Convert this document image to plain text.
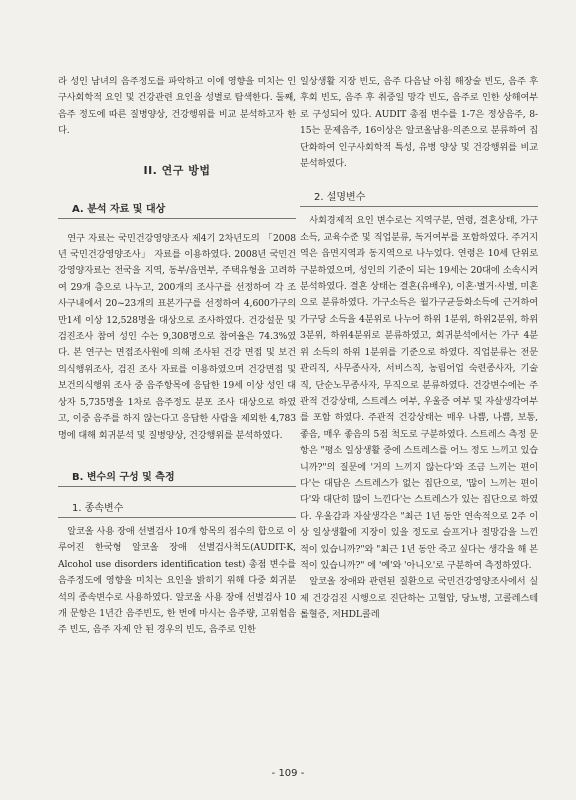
라 성인 남녀의 음주정도를 파악하고 이에 영향을 미치는 인구사회학적 요인 및 건강관련 요인을 성별로 탐색한다. 둘째, 음주 정도에 따른 질병양상, 건강행위를 비교 분석하고자 한다.

II. 연구 방법
A. 분석 자료 및 대상

연구 자료는 국민건강영양조사 제4기 2차년도의 「2008년 국민건강영양조사」 자료를 이용하였다. 2008년 국민건강영양자료는 전국을 지역, 동부/읍면부, 주택유형을 고려하여 29개 층으로 나누고, 200개의 조사구를 선정하여 각 조사구내에서 20~23개의 표본가구를 선정하여 4,600가구의 만1세 이상 12,528명을 대상으로 조사하였다. 건강설문 및 검진조사 참여 성인 수는 9,308명으로 참여율은 74.3%였다. 본 연구는 면접조사원에 의해 조사된 건강 면접 및 보건의식행위조사, 검진 조사 자료를 이용하였으며 건강면접 및 보건의식행위 조사 중 음주항목에 응답한 19세 이상 성인 대상자 5,735명을 1차로 음주정도 분포 조사 대상으로 하였고, 이중 음주를 하지 않는다고 응답한 사람을 제외한 4,783명에 대해 회귀분석 및 질병양상, 건강행위를 분석하였다.

B. 변수의 구성 및 측정
1. 종속변수

알코올 사용 장애 선별검사 10개 항목의 점수의 합으로 이루어진 한국형 알코올 장애 선별검사척도(AUDIT-K, Alcohol use disorders identification test) 총점 변수를 음주정도에 영향을 미치는 요인을 밝히기 위해 다중 회귀분석의 종속변수로 사용하였다. 알코올 사용 장애 선별검사 10개 문항은 1년간 음주빈도, 한 번에 마시는 음주량, 고위험음주 빈도, 음주 자제 안 된 경우의 빈도, 음주로 인한

일상생활 지장 빈도, 음주 다음날 아침 해장술 빈도, 음주 후 후회 빈도, 음주 후 취중일 망각 빈도, 음주로 인한 상해여부로 구성되어 있다. AUDIT 총점 변수를 1-7은 정상음주, 8-15는 문제음주, 16이상은 알코올남용·의존으로 분류하여 집단화하여 인구사회학적 특성, 유병 양상 및 건강행위를 비교분석하였다.

2. 설명변수

사회경제적 요인 변수로는 지역구분, 연령, 결혼상태, 가구소득, 교육수준 및 직업분류, 독거여부를 포함하였다. 주거지역은 읍면지역과 동지역으로 나누었다. 연령은 10세 단위로 구분하였으며, 성인의 기준이 되는 19세는 20대에 소속시켜 분석하였다. 결혼 상태는 결혼(유배우), 이혼·별거·사별, 미혼으로 분류하였다. 가구소득은 월가구균등화소득에 근거하여 가구당 소득을 4분위로 나누어 하위 1분위, 하위2분위, 하위3분위, 하위4분위로 분류하였고, 회귀분석에서는 가구 4분위 소득의 하위 1분위를 기준으로 하였다. 직업분류는 전문 관리직, 사무종사자, 서비스직, 농림어업 숙련종사자, 기술직, 단순노무종사자, 무직으로 분류하였다. 건강변수에는 주관적 건강상태, 스트레스 여부, 우울증 여부 및 자살생각여부를 포함 하였다. 주관적 건강상태는 매우 나쁨, 나쁨, 보통, 좋음, 매우 좋음의 5점 척도로 구분하였다. 스트레스 측정 문항은 "평소 일상생활 중에 스트레스를 어느 정도 느끼고 있습니까?"의 질문에 '거의 느끼지 않는다'와 조금 느끼는 편이다'는 대답은 스트레스가 없는 집단으로, '많이 느끼는 편이다'와 대단히 많이 느낀다'는 스트레스가 있는 집단으로 하였다. 우울감과 자살생각은 "최근 1년 동안 연속적으로 2주 이상 일상생활에 지장이 있을 정도로 슬프거나 절망감을 느낀 적이 있습니까?"와 "최근 1년 동안 죽고 싶다는 생각을 해 본 적이 있습니까?" 에 '예'와 '아니오'로 구분하여 측정하였다.

알코올 장애와 관련된 질환으로 국민건강영양조사에서 실제 건강검진 시행으로 진단하는 고혈압, 당뇨병, 고콜레스테롤혈증, 저HDL콜레

- 109 -
